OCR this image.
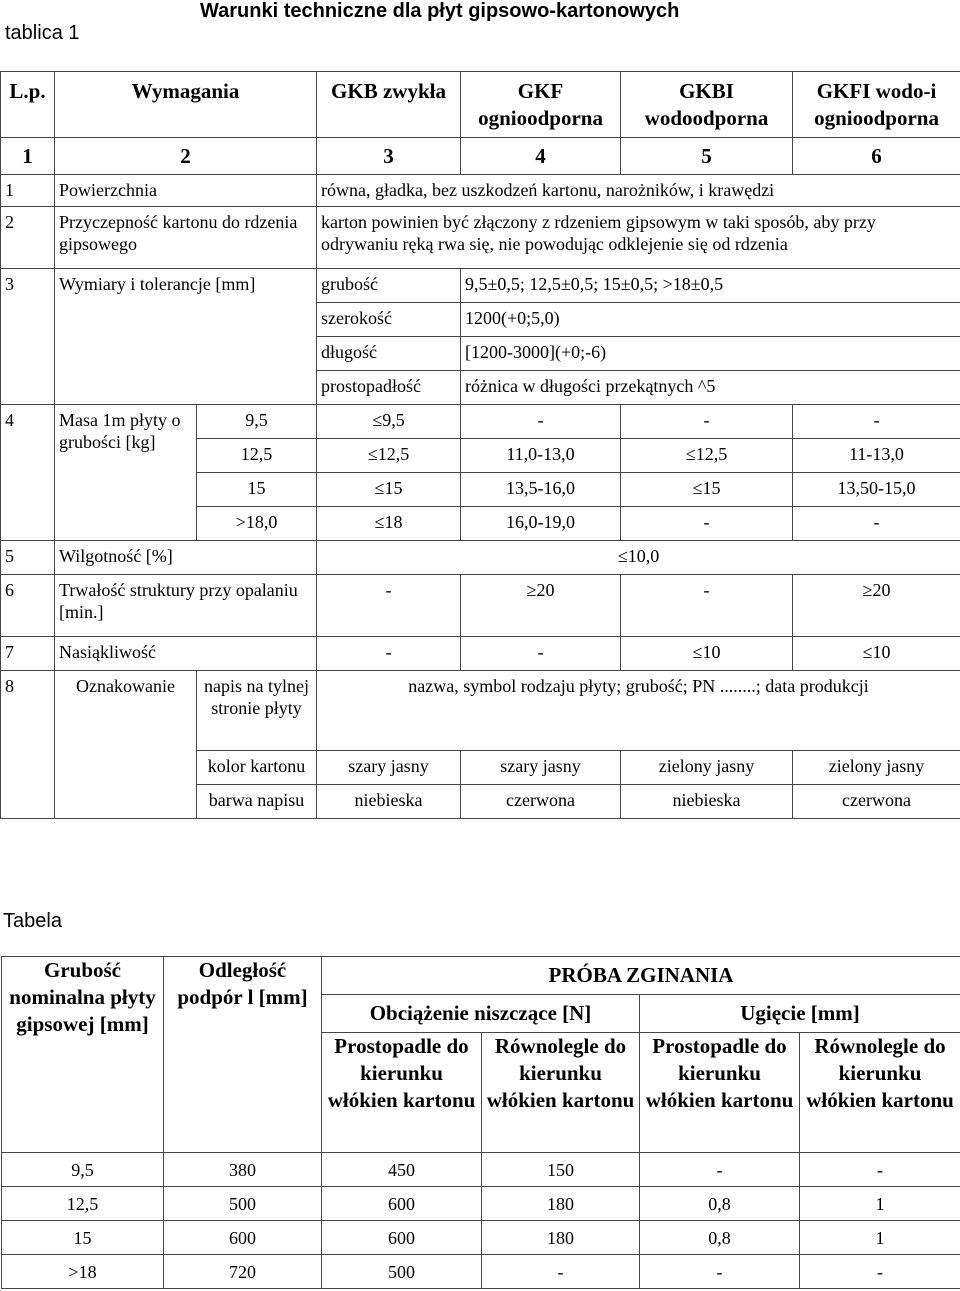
tablica 1
Warunki techniczne dla płyt gipsowo-kartonowych
L.p.	Wymagania		GKB zwykła	GKF ognioodporna	GKBI wodoodporna	GKFI wodo-i ognioodporna
1	2		3	4	5	6
1	Powierzchnia		równa, gładka, bez uszkodzeń kartonu, narożników, i krawędzi			
2	Przyczepność kartonu do rdzenia gipsowego		karton powinien być złączony z rdzeniem gipsowym w taki sposób, aby przy odrywaniu ręką rwa się, nie powodując odklejenie się od rdzenia			
3	Wymiary i tolerancje [mm]		grubość	9,5±0,5; 12,5±0,5; 15±0,5; >18±0,5		
			szerokość	1200(+0;5,0)		
			długość	[1200-3000](+0;-6)		
			prostopadłość	różnica w długości przekątnych ^5		
4	Masa 1m płyty o grubości [kg]	9,5	≤9,5	-	-	-
		12,5	≤12,5	11,0-13,0	≤12,5	11-13,0
		15	≤15	13,5-16,0	≤15	13,50-15,0
		>18,0	≤18	16,0-19,0	-	-
5	Wilgotność [%]		≤10,0			
6	Trwałość struktury przy opalaniu [min.]		-	≥20	-	≥20
7	Nasiąkliwość		-	-	≤10	≤10
8	Oznakowanie	napis na tylnej stronie płyty	nazwa, symbol rodzaju płyty; grubość; PN ........; data produkcji			
		kolor kartonu	szary jasny	szary jasny	zielony jasny	zielony jasny
		barwa napisu	niebieska	czerwona	niebieska	czerwona
Tabela
Grubość nominalna płyty gipsowej [mm]	Odległość podpór l [mm]	PRÓBA ZGINANIA			
		Obciążenie niszczące [N]		Ugięcie [mm]	
		Prostopadle do kierunku włókien kartonu	Równolegle do kierunku włókien kartonu	Prostopadle do kierunku włókien kartonu	Równolegle do kierunku włókien kartonu
9,5	380	450	150	-	-
12,5	500	600	180	0,8	1
15	600	600	180	0,8	1
>18	720	500	-	-	-
